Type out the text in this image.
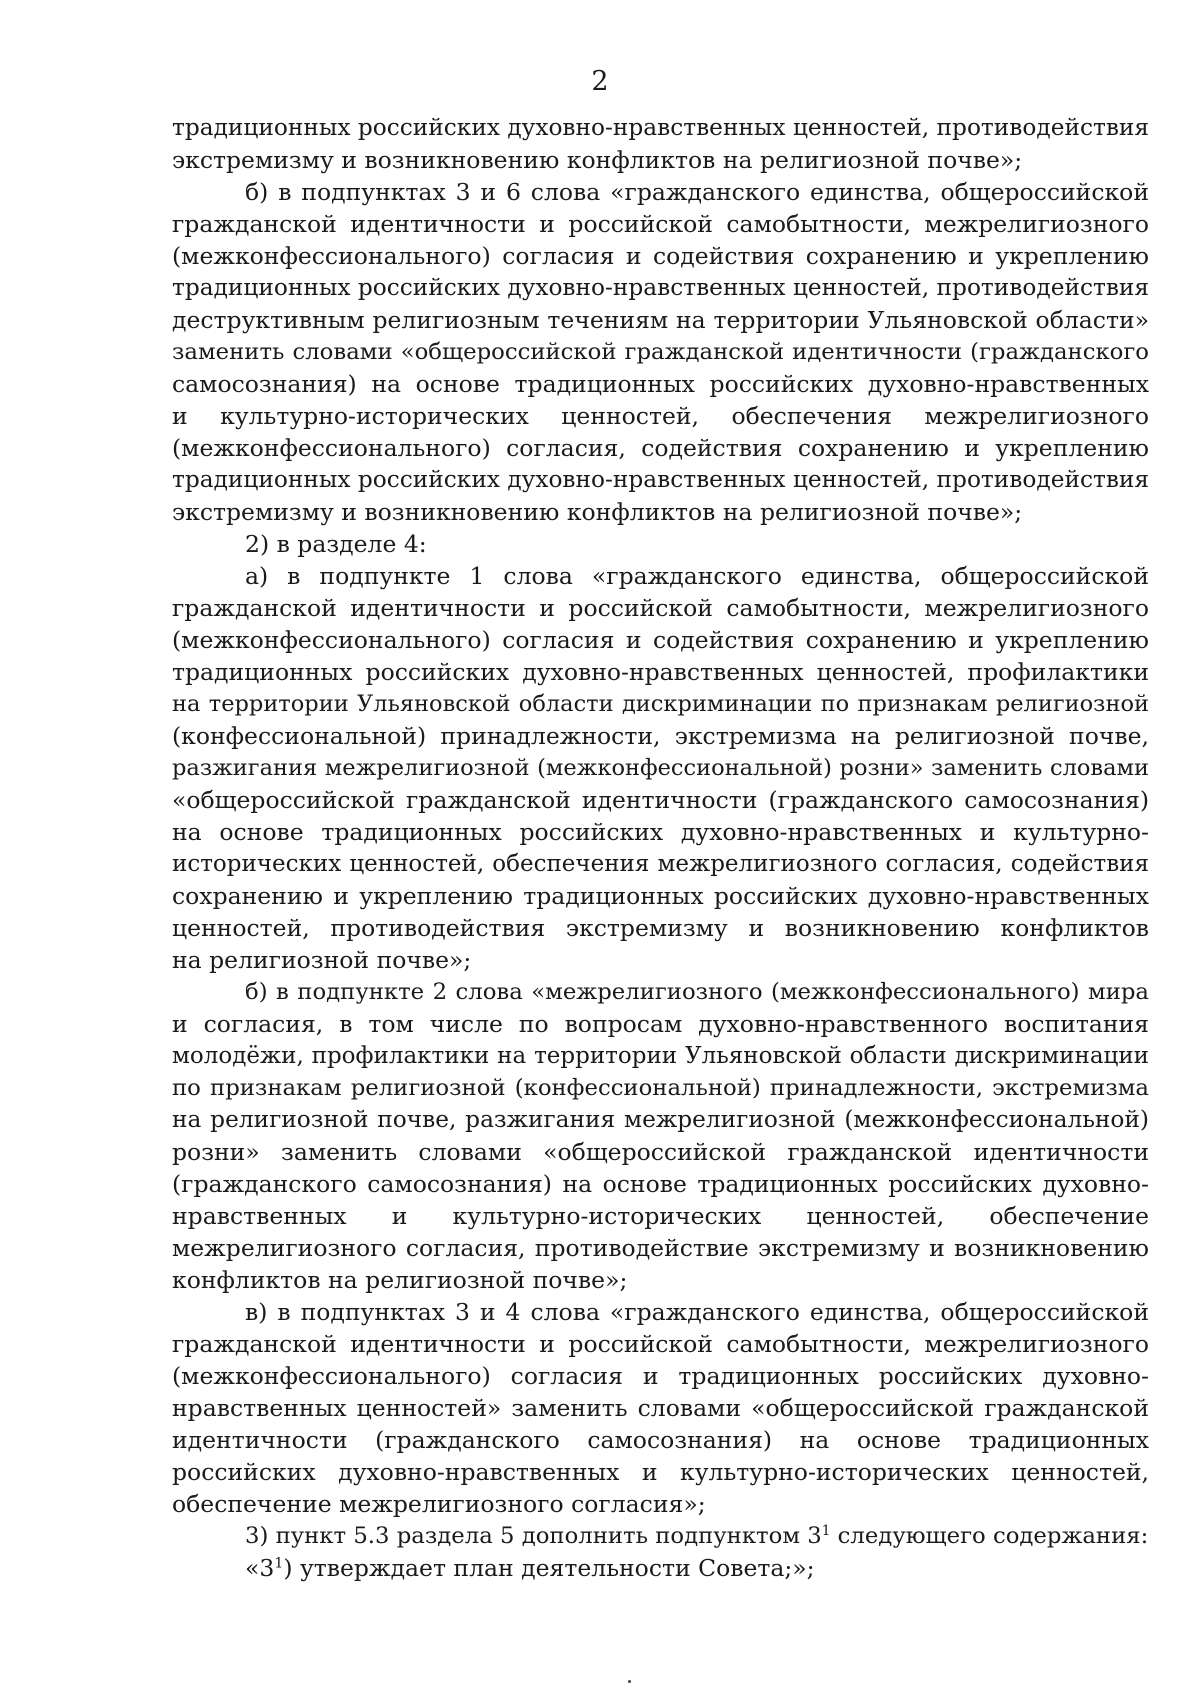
2

традиционных российских духовно-нравственных ценностей, противодействия
экстремизму и возникновению конфликтов на религиозной почве»;

б) в подпунктах 3 и 6 слова «гражданского единства, общероссийской
гражданской идентичности и российской самобытности, межрелигиозного
(межконфессионального) согласия и содействия сохранению и укреплению
традиционных российских духовно-нравственных ценностей, противодействия
деструктивным религиозным течениям на территории Ульяновской области»
заменить словами «общероссийской гражданской идентичности (гражданского
самосознания) на основе традиционных российских духовно-нравственных
и культурно-исторических ценностей, обеспечения межрелигиозного
(межконфессионального) согласия, содействия сохранению и укреплению
традиционных российских духовно-нравственных ценностей, противодействия
экстремизму и возникновению конфликтов на религиозной почве»;

2) в разделе 4:

а) в подпункте 1 слова «гражданского единства, общероссийской
гражданской идентичности и российской самобытности, межрелигиозного
(межконфессионального) согласия и содействия сохранению и укреплению
традиционных российских духовно-нравственных ценностей, профилактики
на территории Ульяновской области дискриминации по признакам религиозной
(конфессиональной) принадлежности, экстремизма на религиозной почве,
разжигания межрелигиозной (межконфессиональной) розни» заменить словами
«общероссийской гражданской идентичности (гражданского самосознания)
на основе традиционных российских духовно-нравственных и культурно-
исторических ценностей, обеспечения межрелигиозного согласия, содействия
сохранению и укреплению традиционных российских духовно-нравственных
ценностей, противодействия экстремизму и возникновению конфликтов
на религиозной почве»;

б) в подпункте 2 слова «межрелигиозного (межконфессионального) мира
и согласия, в том числе по вопросам духовно-нравственного воспитания
молодёжи, профилактики на территории Ульяновской области дискриминации
по признакам религиозной (конфессиональной) принадлежности, экстремизма
на религиозной почве, разжигания межрелигиозной (межконфессиональной)
розни» заменить словами «общероссийской гражданской идентичности
(гражданского самосознания) на основе традиционных российских духовно-
нравственных и культурно-исторических ценностей, обеспечение
межрелигиозного согласия, противодействие экстремизму и возникновению
конфликтов на религиозной почве»;

в) в подпунктах 3 и 4 слова «гражданского единства, общероссийской
гражданской идентичности и российской самобытности, межрелигиозного
(межконфессионального) согласия и традиционных российских духовно-
нравственных ценностей» заменить словами «общероссийской гражданской
идентичности (гражданского самосознания) на основе традиционных
российских духовно-нравственных и культурно-исторических ценностей,
обеспечение межрелигиозного согласия»;

3) пункт 5.3 раздела 5 дополнить подпунктом $3^1$ следующего содержания:

«$3^1$) утверждает план деятельности Совета;»;
